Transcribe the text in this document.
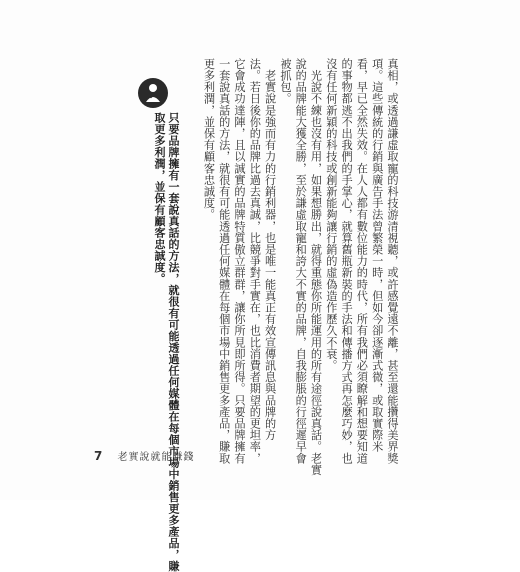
真相，或透過謙虛取寵的科技游清視聽，或許感覺遠不離，甚至還能攢得美界獎
項。這些傳統的行銷與廣告手法曾繁榮一時，但如今卻逐漸式微，或取實際米
看，早已全然失效。在人人都有數位能力的時代，所有我們必須瞭解和想要知道
的事物都逃不出我們的手掌心，就算舊瓶新裝的手法和傳播方式再怎麼巧妙，也
沒有任何新穎的科技或創新能夠讓行銷的虛偽造作歷久不衰。
　光說不練也沒有用，如果想勝出，就得重態你所能運用的所有途徑說真話。老實
說的品牌能大獲全勝，至於謙虛取寵和誇大不實的品牌，自我膨脹的行徑遲早會
被抓包。
　老實說是強而有力的行銷利器，也是唯一能真正有效宣傳訊息與品牌的方
法。若日後你的品牌比過去真誠，比競爭對手實在，也比消費者期望的更坦率，
它會成功達陣，且以誠實的品牌特質傲立群群，讓你所見即所得。只要品牌擁有
一套說真話的方法，就很有可能透過任何媒體在每個市場中銷售更多產品，賺取
更多利潤，並保有顧客忠誠度。
只要品牌擁有一套說真話的方法，就很有可能透過任何媒體在每個市場中銷售更多產品，賺
取更多利潤，並保有顧客忠誠度。
7 老實說就能賺錢
